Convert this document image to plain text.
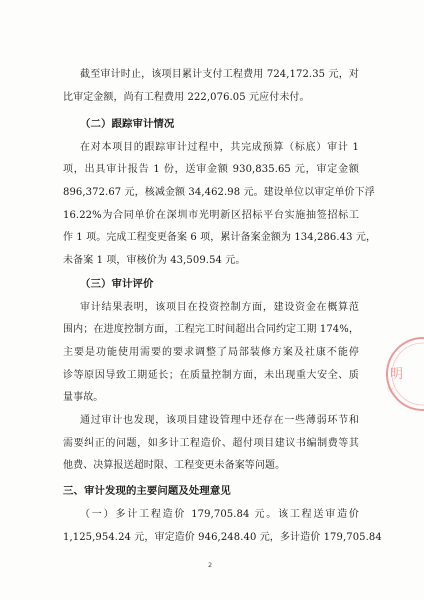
截至审计时止，该项目累计支付工程费用 724,172.35 元，对
比审定金额，尚有工程费用 222,076.05 元应付未付。
（二）跟踪审计情况
在对本项目的跟踪审计过程中，共完成预算（标底）审计 1
项，出具审计报告 1 份，送审金额 930,835.65 元，审定金额
896,372.67 元，核减金额 34,462.98 元。建设单位以审定单价下浮
16.22%为合同单价在深圳市光明新区招标平台实施抽签招标工
作 1 项。完成工程变更备案 6 项，累计备案金额为 134,286.43 元，
未备案 1 项，审核价为 43,509.54 元。
（三）审计评价
审计结果表明，该项目在投资控制方面，建设资金在概算范
围内；在进度控制方面，工程完工时间超出合同约定工期 174%，
主要是功能使用需要的要求调整了局部装修方案及社康不能停
诊等原因导致工期延长；在质量控制方面，未出现重大安全、质
量事故。
通过审计也发现，该项目建设管理中还存在一些薄弱环节和
需要纠正的问题，如多计工程造价、超付项目建议书编制费等其
他费、决算报送超时限、工程变更未备案等问题。
三、审计发现的主要问题及处理意见
（一）多计工程造价 179,705.84 元。该工程送审造价
1,125,954.24 元，审定造价 946,248.40 元，多计造价 179,705.84
2
明
☆
